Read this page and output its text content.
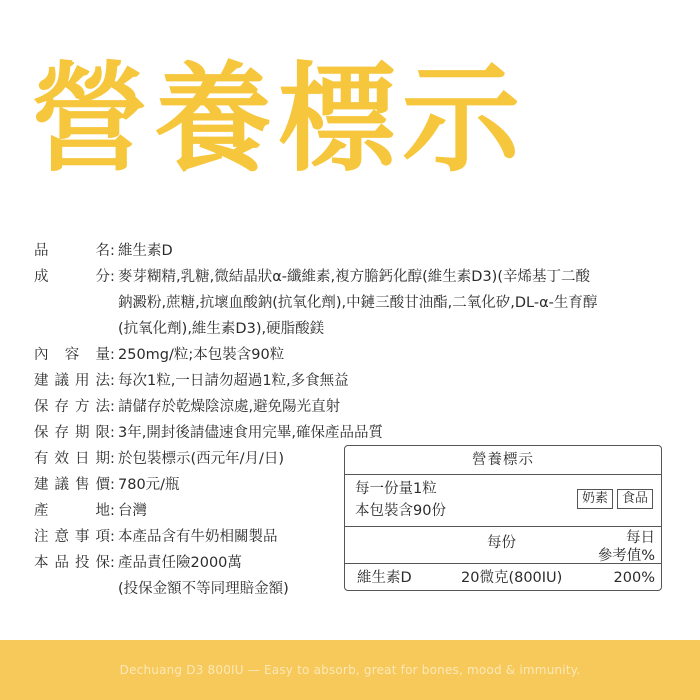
營養標示
品	名 : 維生素D
成	分 : 麥芽糊精,乳糖,微結晶狀α-纖維素,複方膽鈣化醇(維生素D3)(辛烯基丁二酸
鈉澱粉,蔗糖,抗壞血酸鈉(抗氧化劑),中鏈三酸甘油酯,二氧化矽,DL-α-生育醇
(抗氧化劑),維生素D3),硬脂酸鎂
內 容 量 : 250mg/粒;本包裝含90粒
建 議 用 法 : 每次1粒,一日請勿超過1粒,多食無益
保 存 方 法 : 請儲存於乾燥陰涼處,避免陽光直射
保 存 期 限 : 3年,開封後請儘速食用完畢,確保產品品質
有 效 日 期 : 於包裝標示(西元年/月/日)
建 議 售 價 : 780元/瓶
產	地 : 台灣
注 意 事 項 : 本產品含有牛奶相關製品
本 品 投 保 : 產品責任險2000萬
(投保金額不等同理賠金額)
營養標示
每一份量1粒
本包裝含90份
奶素	食品
每份	每日
參考值%
維生素D	20微克(800IU)	200%
Dechuang D3 800IU — Easy to absorb, great for bones, mood & immunity.
